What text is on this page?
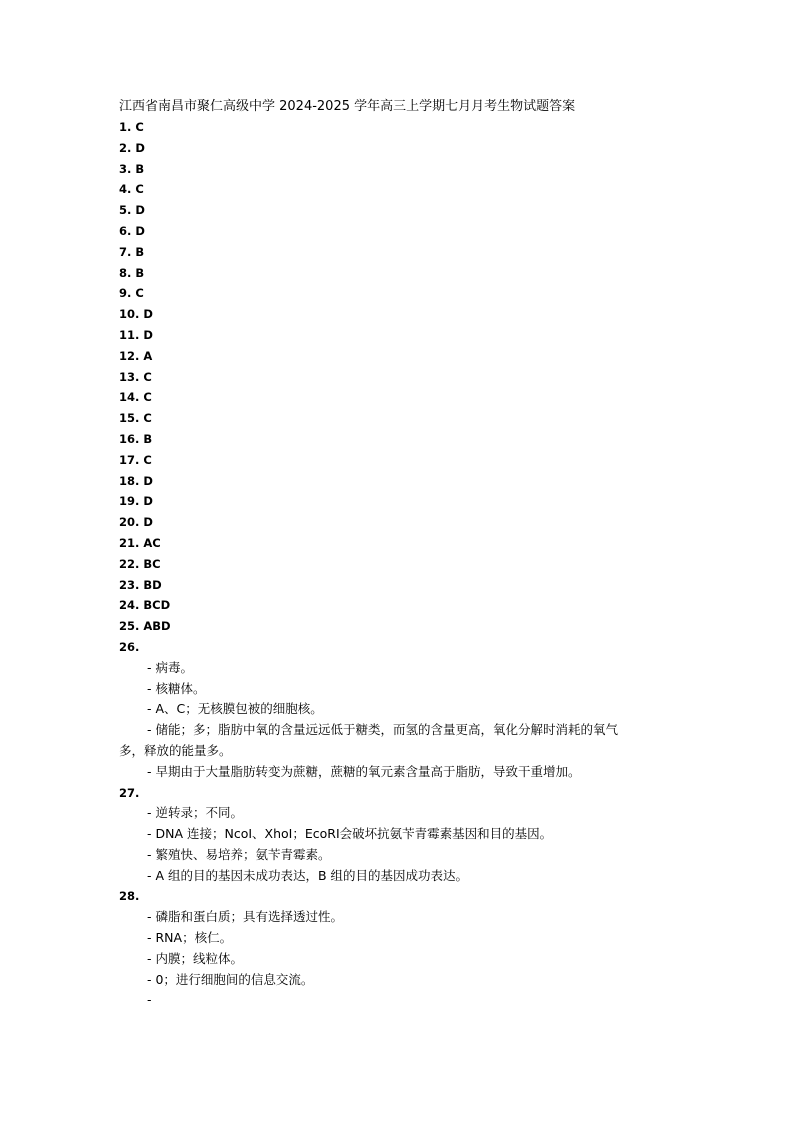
江西省南昌市聚仁高级中学 2024-2025 学年高三上学期七月月考生物试题答案
1. C
2. D
3. B
4. C
5. D
6. D
7. B
8. B
9. C
10. D
11. D
12. A
13. C
14. C
15. C
16. B
17. C
18. D
19. D
20. D
21. AC
22. BC
23. BD
24. BCD
25. ABD
26.
- 病毒。
- 核糖体。
- A、C；无核膜包被的细胞核。
- 储能；多；脂肪中氧的含量远远低于糖类，而氢的含量更高，氧化分解时消耗的氧气
多，释放的能量多。
- 早期由于大量脂肪转变为蔗糖，蔗糖的氧元素含量高于脂肪，导致干重增加。
27.
- 逆转录；不同。
- DNA 连接；NcoⅠ、XhoⅠ；EcoRⅠ会破坏抗氨苄青霉素基因和目的基因。
- 繁殖快、易培养；氨苄青霉素。
- A 组的目的基因未成功表达，B 组的目的基因成功表达。
28.
- 磷脂和蛋白质；具有选择透过性。
- RNA；核仁。
- 内膜；线粒体。
- 0；进行细胞间的信息交流。
-
